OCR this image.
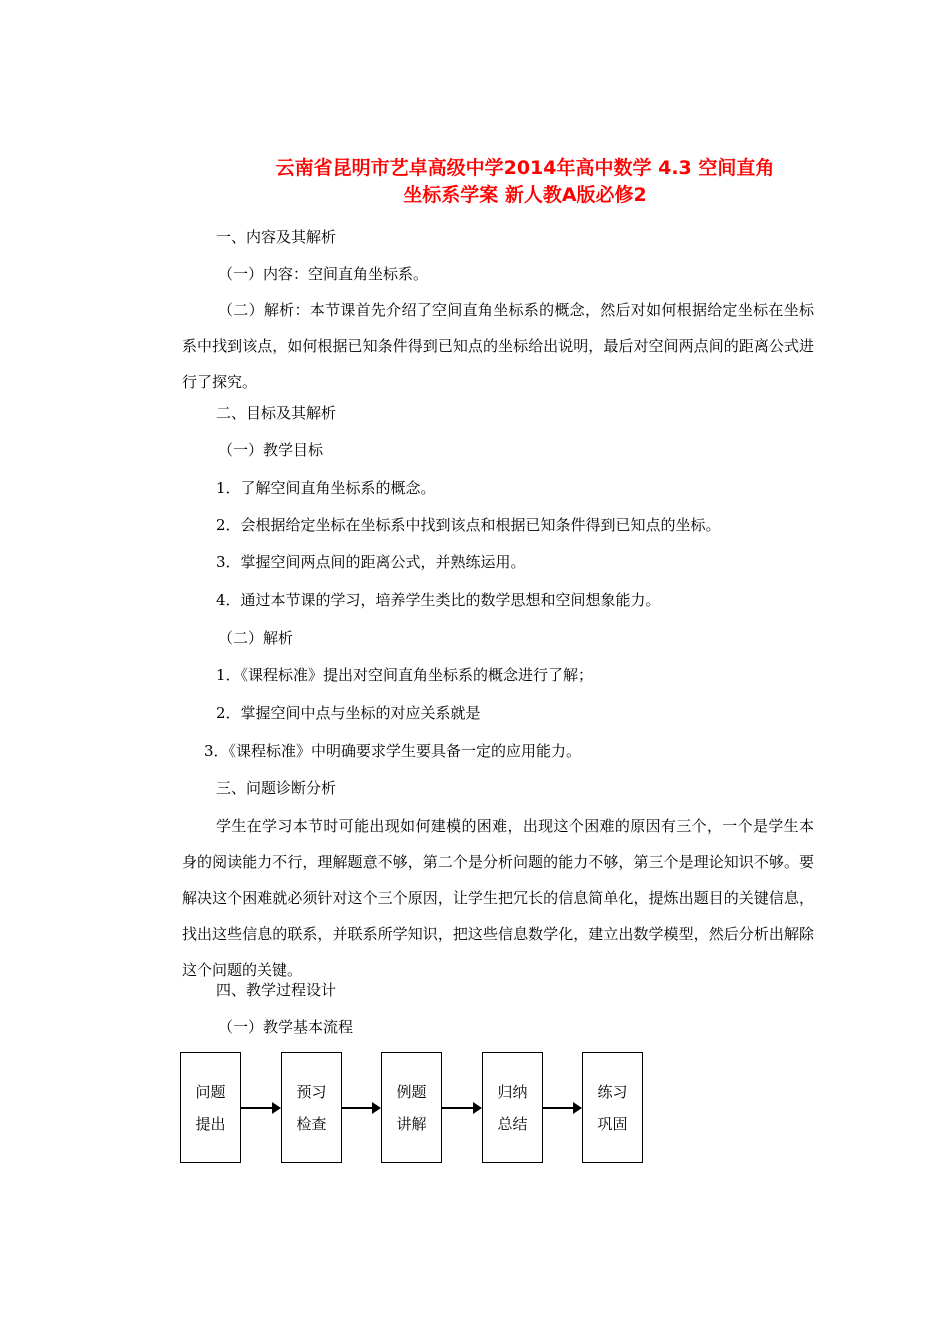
云南省昆明市艺卓高级中学2014年高中数学 4.3 空间直角
坐标系学案 新人教A版必修2
一、内容及其解析
（一）内容：空间直角坐标系。
（二）解析：本节课首先介绍了空间直角坐标系的概念，然后对如何根据给定坐标在坐标系中找到该点，如何根据已知条件得到已知点的坐标给出说明，最后对空间两点间的距离公式进行了探究。
二、目标及其解析
（一）教学目标
1．了解空间直角坐标系的概念。
2．会根据给定坐标在坐标系中找到该点和根据已知条件得到已知点的坐标。
3．掌握空间两点间的距离公式，并熟练运用。
4．通过本节课的学习，培养学生类比的数学思想和空间想象能力。
（二）解析
1．《课程标准》提出对空间直角坐标系的概念进行了解；
2．掌握空间中点与坐标的对应关系就是
3．《课程标准》中明确要求学生要具备一定的应用能力。
三、问题诊断分析
学生在学习本节时可能出现如何建模的困难，出现这个困难的原因有三个，一个是学生本身的阅读能力不行，理解题意不够，第二个是分析问题的能力不够，第三个是理论知识不够。要解决这个困难就必须针对这个三个原因，让学生把冗长的信息简单化，提炼出题目的关键信息，找出这些信息的联系，并联系所学知识，把这些信息数学化，建立出数学模型，然后分析出解除这个问题的关键。
四、教学过程设计
（一）教学基本流程
问题
提出
预习
检查
例题
讲解
归纳
总结
练习
巩固
